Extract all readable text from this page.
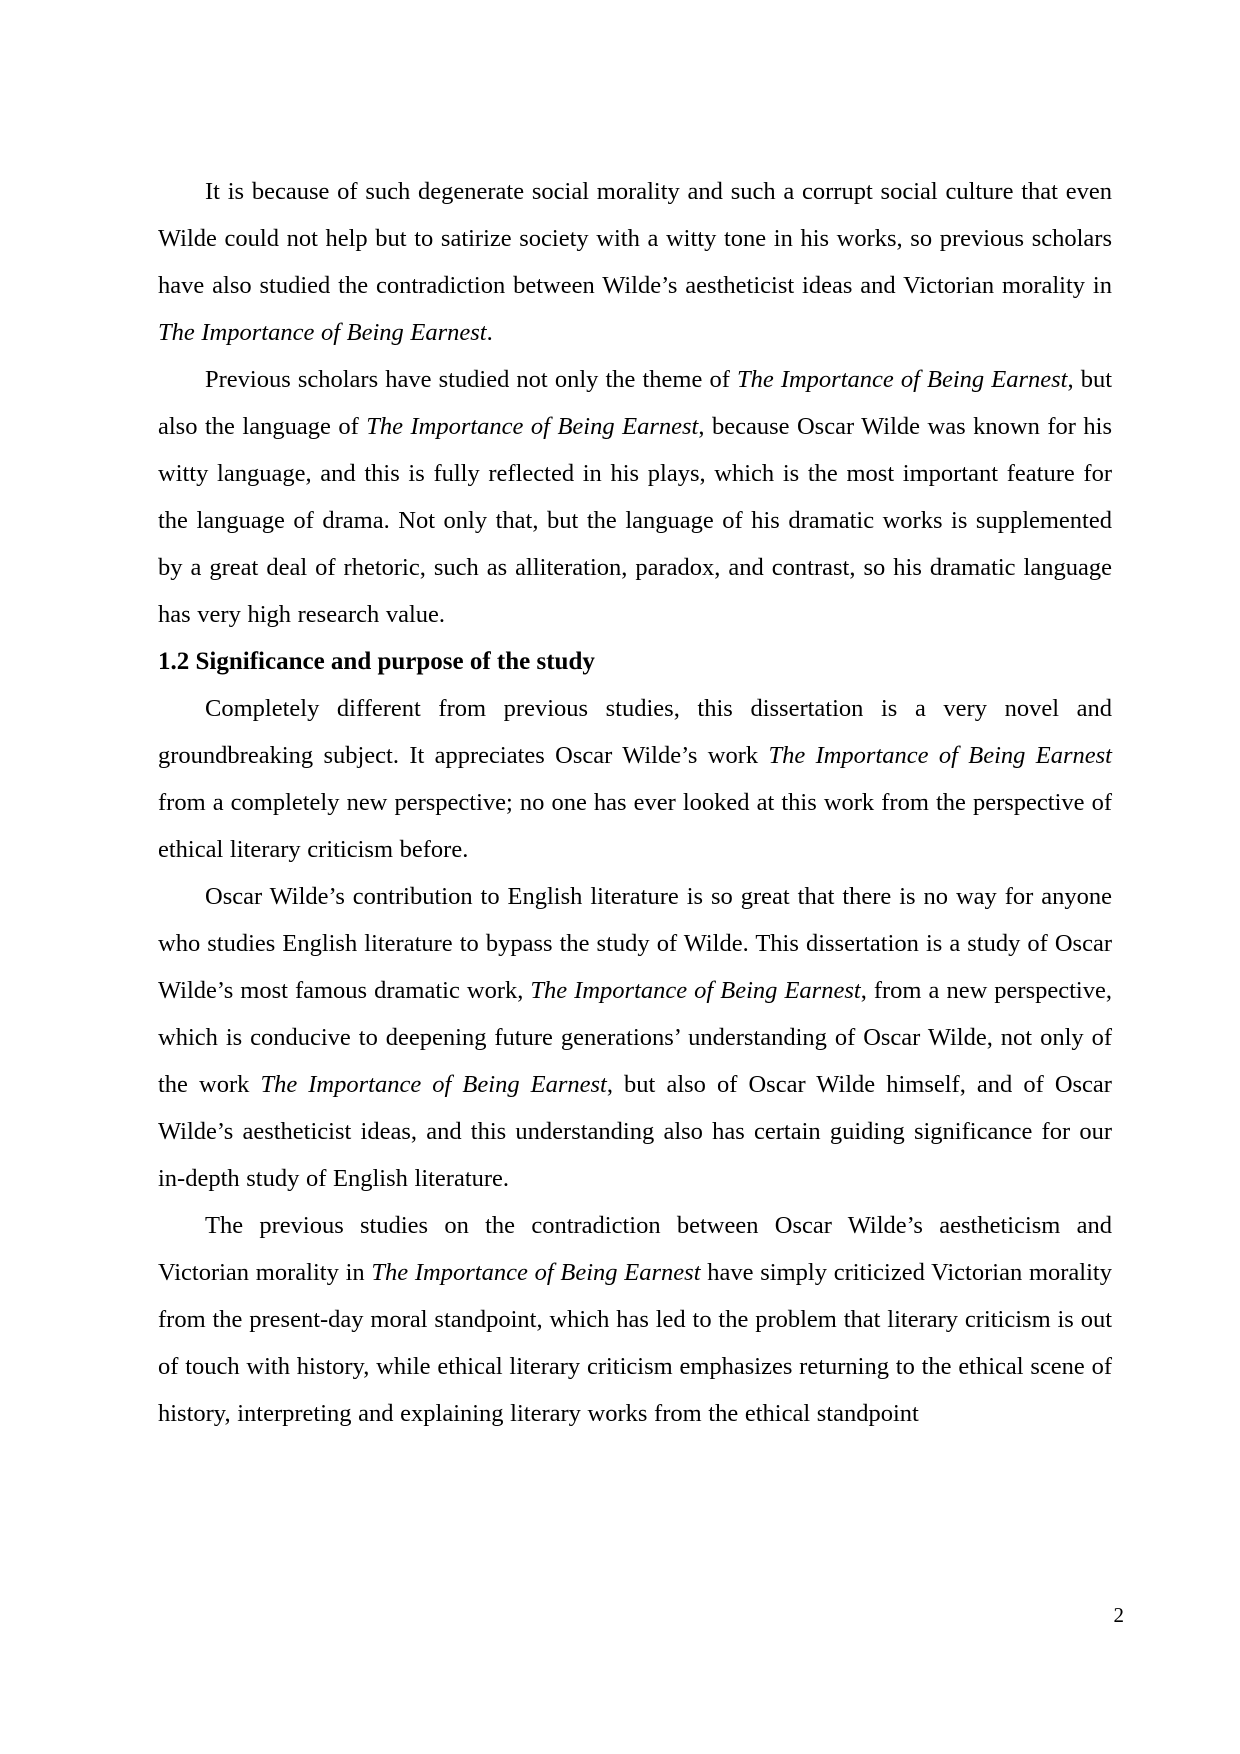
It is because of such degenerate social morality and such a corrupt social culture that even Wilde could not help but to satirize society with a witty tone in his works, so previous scholars have also studied the contradiction between Wilde’s aestheticist ideas and Victorian morality in The Importance of Being Earnest.

Previous scholars have studied not only the theme of The Importance of Being Earnest, but also the language of The Importance of Being Earnest, because Oscar Wilde was known for his witty language, and this is fully reflected in his plays, which is the most important feature for the language of drama. Not only that, but the language of his dramatic works is supplemented by a great deal of rhetoric, such as alliteration, paradox, and contrast, so his dramatic language has very high research value.

1.2 Significance and purpose of the study

Completely different from previous studies, this dissertation is a very novel and groundbreaking subject. It appreciates Oscar Wilde’s work The Importance of Being Earnest from a completely new perspective; no one has ever looked at this work from the perspective of ethical literary criticism before.

Oscar Wilde’s contribution to English literature is so great that there is no way for anyone who studies English literature to bypass the study of Wilde. This dissertation is a study of Oscar Wilde’s most famous dramatic work, The Importance of Being Earnest, from a new perspective, which is conducive to deepening future generations’ understanding of Oscar Wilde, not only of the work The Importance of Being Earnest, but also of Oscar Wilde himself, and of Oscar Wilde’s aestheticist ideas, and this understanding also has certain guiding significance for our in-depth study of English literature.

The previous studies on the contradiction between Oscar Wilde’s aestheticism and Victorian morality in The Importance of Being Earnest have simply criticized Victorian morality from the present-day moral standpoint, which has led to the problem that literary criticism is out of touch with history, while ethical literary criticism emphasizes returning to the ethical scene of history, interpreting and explaining literary works from the ethical standpoint

2
